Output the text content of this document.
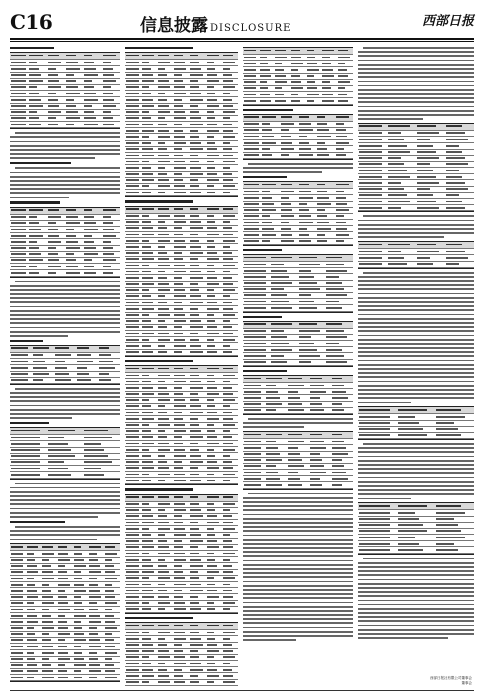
C16	信息披露 DISCLOSURE	西部日报
西部日报社有限公司董事会
董事会
